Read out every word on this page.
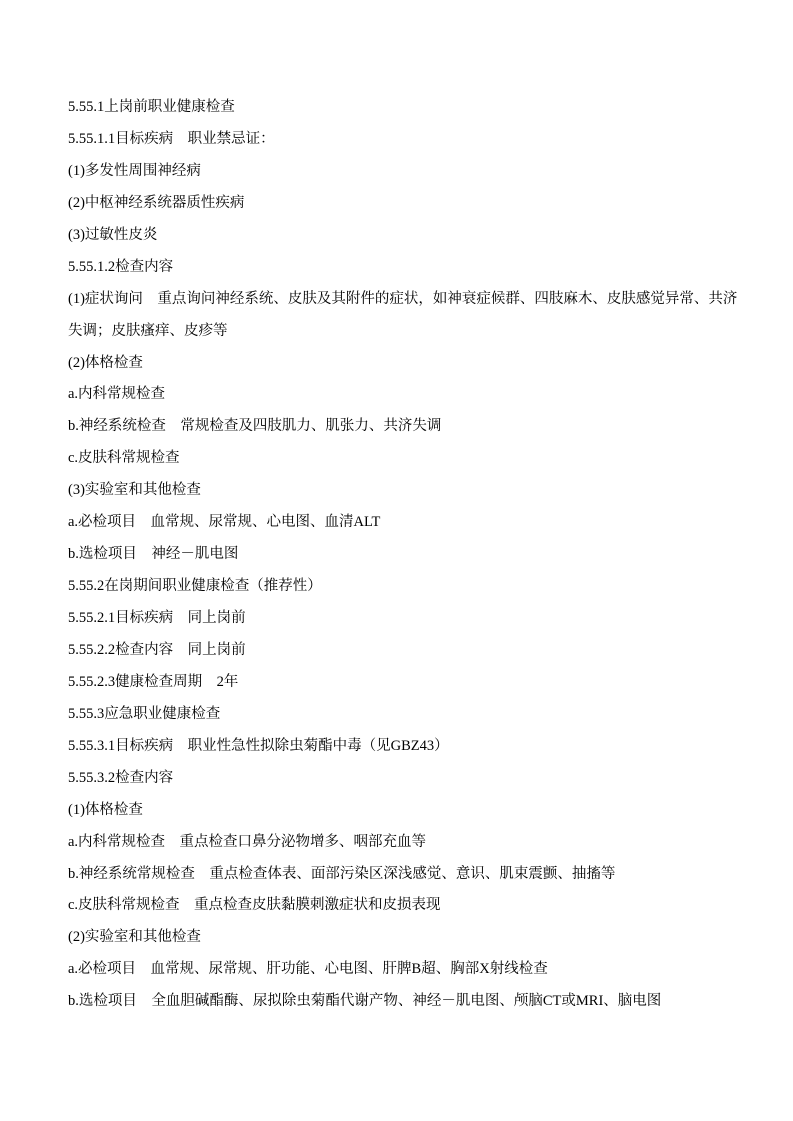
5.55.1上岗前职业健康检查
5.55.1.1目标疾病　职业禁忌证：
(1)多发性周围神经病
(2)中枢神经系统器质性疾病
(3)过敏性皮炎
5.55.1.2检查内容
(1)症状询问　重点询问神经系统、皮肤及其附件的症状，如神衰症候群、四肢麻木、皮肤感觉异常、共济失调；皮肤瘙痒、皮疹等
(2)体格检查
a.内科常规检查
b.神经系统检查　常规检查及四肢肌力、肌张力、共济失调
c.皮肤科常规检查
(3)实验室和其他检查
a.必检项目　血常规、尿常规、心电图、血清ALT
b.选检项目　神经－肌电图
5.55.2在岗期间职业健康检查（推荐性）
5.55.2.1目标疾病　同上岗前
5.55.2.2检查内容　同上岗前
5.55.2.3健康检查周期　2年
5.55.3应急职业健康检查
5.55.3.1目标疾病　职业性急性拟除虫菊酯中毒（见GBZ43）
5.55.3.2检查内容
(1)体格检查
a.内科常规检查　重点检查口鼻分泌物增多、咽部充血等
b.神经系统常规检查　重点检查体表、面部污染区深浅感觉、意识、肌束震颤、抽搐等
c.皮肤科常规检查　重点检查皮肤黏膜刺激症状和皮损表现
(2)实验室和其他检查
a.必检项目　血常规、尿常规、肝功能、心电图、肝脾B超、胸部X射线检查
b.选检项目　全血胆碱酯酶、尿拟除虫菊酯代谢产物、神经－肌电图、颅脑CT或MRI、脑电图
